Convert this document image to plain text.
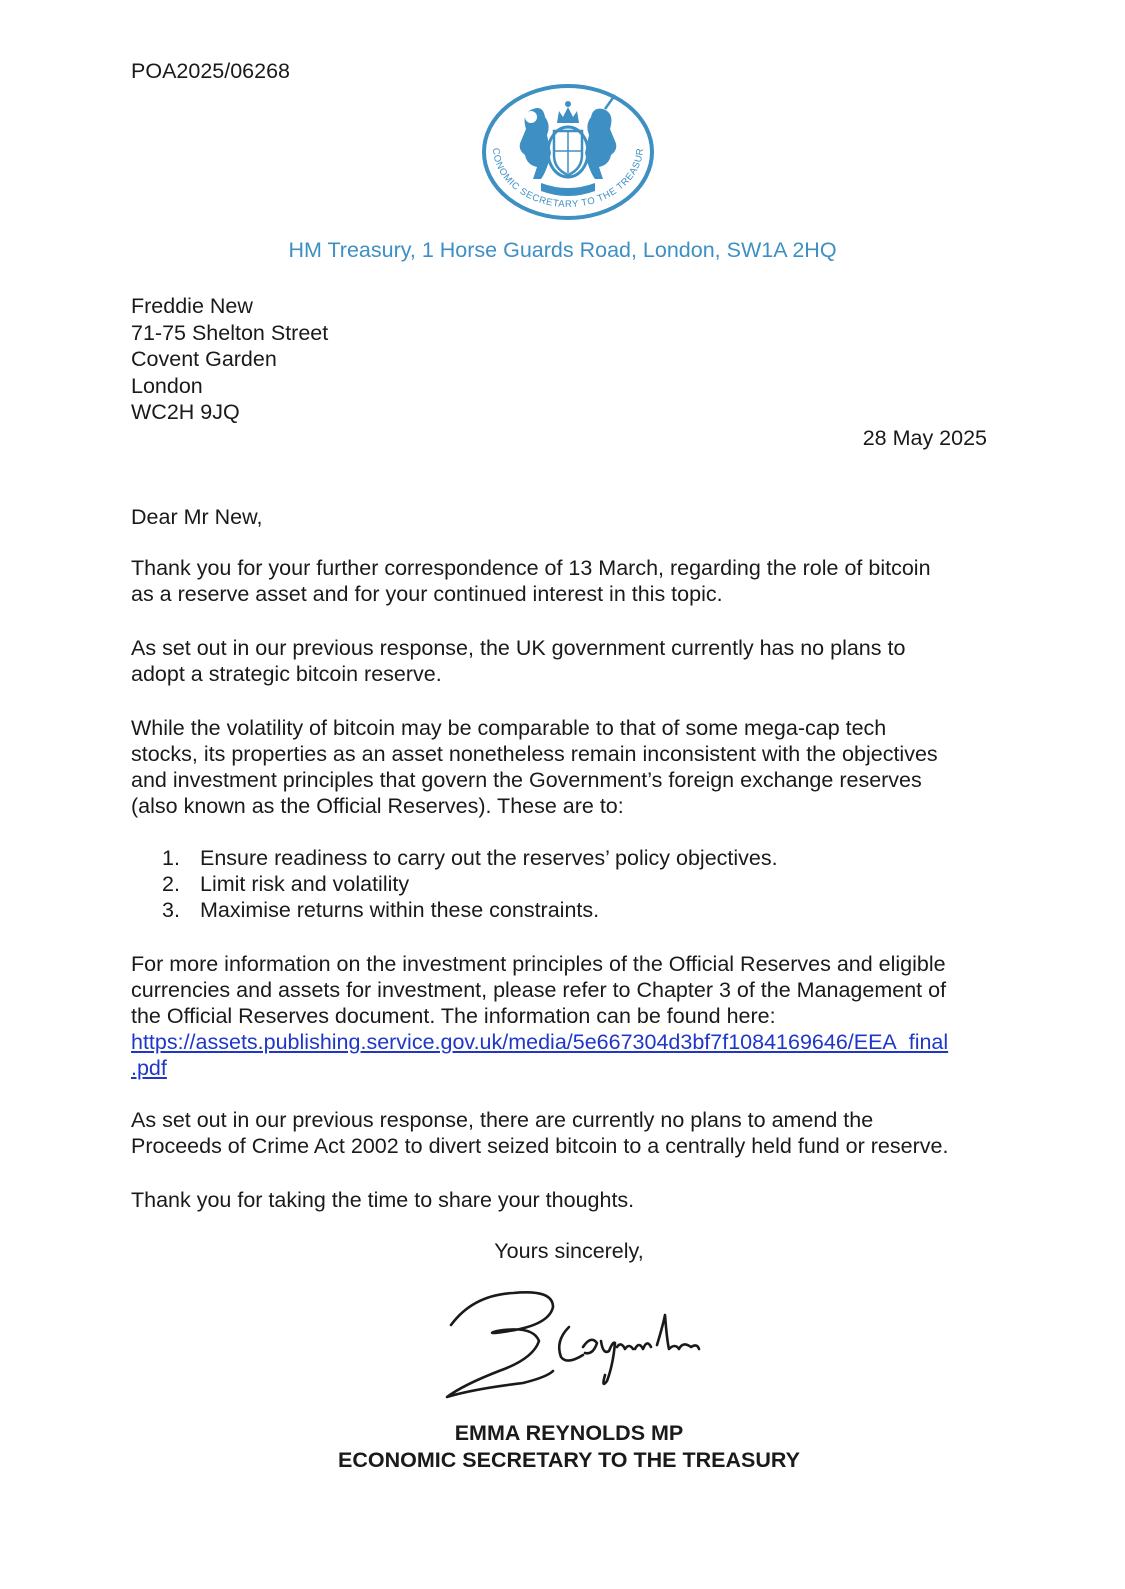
POA2025/06268
CONOMIC SECRETARY TO THE TREASUR
HM Treasury, 1 Horse Guards Road, London, SW1A 2HQ
Freddie New
71-75 Shelton Street
Covent Garden
London
WC2H 9JQ
28 May 2025
Dear Mr New,
Thank you for your further correspondence of 13 March, regarding the role of bitcoin
as a reserve asset and for your continued interest in this topic.
As set out in our previous response, the UK government currently has no plans to
adopt a strategic bitcoin reserve.
While the volatility of bitcoin may be comparable to that of some mega-cap tech
stocks, its properties as an asset nonetheless remain inconsistent with the objectives
and investment principles that govern the Government’s foreign exchange reserves
(also known as the Official Reserves). These are to:
1. Ensure readiness to carry out the reserves’ policy objectives.
2. Limit risk and volatility
3. Maximise returns within these constraints.
For more information on the investment principles of the Official Reserves and eligible
currencies and assets for investment, please refer to Chapter 3 of the Management of
the Official Reserves document. The information can be found here:
https://assets.publishing.service.gov.uk/media/5e667304d3bf7f1084169646/EEA_final
.pdf
As set out in our previous response, there are currently no plans to amend the
Proceeds of Crime Act 2002 to divert seized bitcoin to a centrally held fund or reserve.
Thank you for taking the time to share your thoughts.
Yours sincerely,
EMMA REYNOLDS MP
ECONOMIC SECRETARY TO THE TREASURY
